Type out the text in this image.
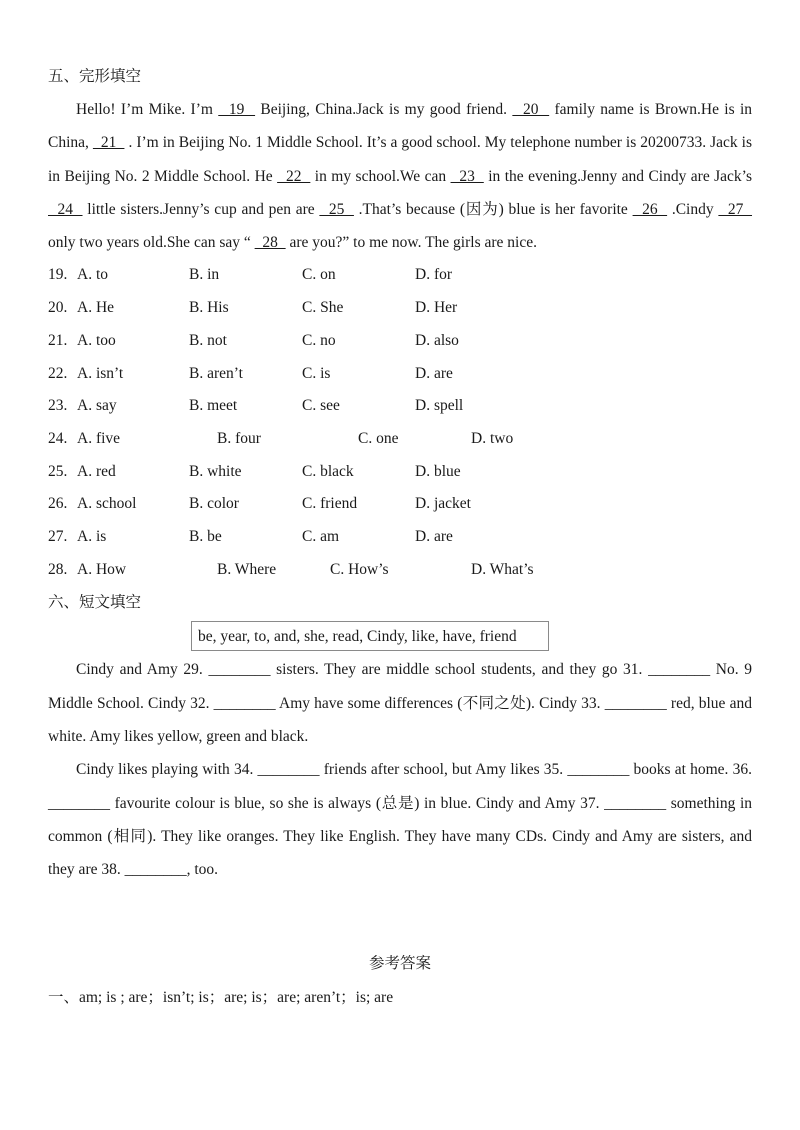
五、完形填空
Hello! I’m Mike. I’m   19   Beijing, China.Jack is my good friend.   20   family name is Brown.He is in China,   21   . I’m in Beijing No. 1 Middle School. It’s a good school. My telephone number is 20200733. Jack is in Beijing No. 2 Middle School. He   22   in my school.We can   23   in the evening.Jenny and Cindy are Jack’s   24   little sisters.Jenny’s cup and pen are   25   .That’s because (因为) blue is her favorite   26   .Cindy   27   only two years old.She can say “   28   are you?” to me now. The girls are nice.
19. A. to	B. in	C. on	D. for
20. A. He	B. His	C. She	D. Her
21. A. too	B. not	C. no	D. also
22. A. isn’t	B. aren’t	C. is	D. are
23. A. say	B. meet	C. see	D. spell
24. A. five	B. four	C. one	D. two
25. A. red	B. white	C. black	D. blue
26. A. school	B. color	C. friend	D. jacket
27. A. is	B. be	C. am	D. are
28. A. How	B. Where	C. How’s	D. What’s
六、短文填空
be, year, to, and, she, read, Cindy, like, have, friend
Cindy and Amy 29. ________ sisters. They are middle school students, and they go 31. ________ No. 9 Middle School. Cindy 32. ________ Amy have some differences (不同之处). Cindy 33. ________ red, blue and white. Amy likes yellow, green and black.
Cindy likes playing with 34. ________ friends after school, but Amy likes 35. ________ books at home. 36. ________ favourite colour is blue, so she is always (总是) in blue. Cindy and Amy 37. ________ something in common (相同). They like oranges. They like English. They have many CDs. Cindy and Amy are sisters, and they are 38. ________, too.
参考答案
一、am; is ; are；isn’t; is；are; is；are; aren’t；is; are
